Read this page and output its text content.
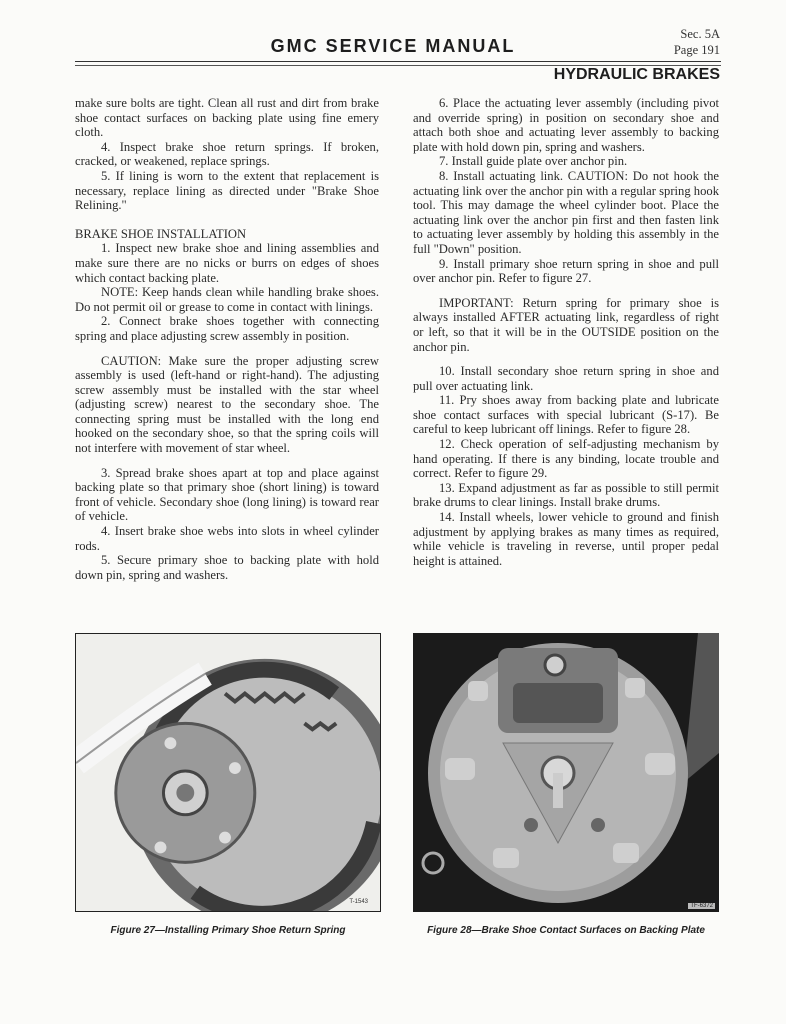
GMC SERVICE MANUAL
Sec. 5A
Page 191
HYDRAULIC BRAKES

make sure bolts are tight. Clean all rust and dirt from brake shoe contact surfaces on backing plate using fine emery cloth.

4. Inspect brake shoe return springs. If broken, cracked, or weakened, replace springs.

5. If lining is worn to the extent that replacement is necessary, replace lining as directed under "Brake Shoe Relining."

BRAKE SHOE INSTALLATION

1. Inspect new brake shoe and lining assemblies and make sure there are no nicks or burrs on edges of shoes which contact backing plate.

NOTE: Keep hands clean while handling brake shoes. Do not permit oil or grease to come in contact with linings.

2. Connect brake shoes together with connecting spring and place adjusting screw assembly in position.

CAUTION: Make sure the proper adjusting screw assembly is used (left-hand or right-hand). The adjusting screw assembly must be installed with the star wheel (adjusting screw) nearest to the secondary shoe. The connecting spring must be installed with the long end hooked on the secondary shoe, so that the spring coils will not interfere with movement of star wheel.

3. Spread brake shoes apart at top and place against backing plate so that primary shoe (short lining) is toward front of vehicle. Secondary shoe (long lining) is toward rear of vehicle.

4. Insert brake shoe webs into slots in wheel cylinder rods.

5. Secure primary shoe to backing plate with hold down pin, spring and washers.

6. Place the actuating lever assembly (including pivot and override spring) in position on secondary shoe and attach both shoe and actuating lever assembly to backing plate with hold down pin, spring and washers.

7. Install guide plate over anchor pin.

8. Install actuating link. CAUTION: Do not hook the actuating link over the anchor pin with a regular spring hook tool. This may damage the wheel cylinder boot. Place the actuating link over the anchor pin first and then fasten link to actuating lever assembly by holding this assembly in the full "Down" position.

9. Install primary shoe return spring in shoe and pull over anchor pin. Refer to figure 27.

IMPORTANT: Return spring for primary shoe is always installed AFTER actuating link, regardless of right or left, so that it will be in the OUTSIDE position on the anchor pin.

10. Install secondary shoe return spring in shoe and pull over actuating link.

11. Pry shoes away from backing plate and lubricate shoe contact surfaces with special lubricant (S-17). Be careful to keep lubricant off linings. Refer to figure 28.

12. Check operation of self-adjusting mechanism by hand operating. If there is any binding, locate trouble and correct. Refer to figure 29.

13. Expand adjustment as far as possible to still permit brake drums to clear linings. Install brake drums.

14. Install wheels, lower vehicle to ground and finish adjustment by applying brakes as many times as required, while vehicle is traveling in reverse, until proper pedal height is attained.

T-1543
TF-6372
Figure 27—Installing Primary Shoe Return Spring	Figure 28—Brake Shoe Contact Surfaces on Backing Plate
